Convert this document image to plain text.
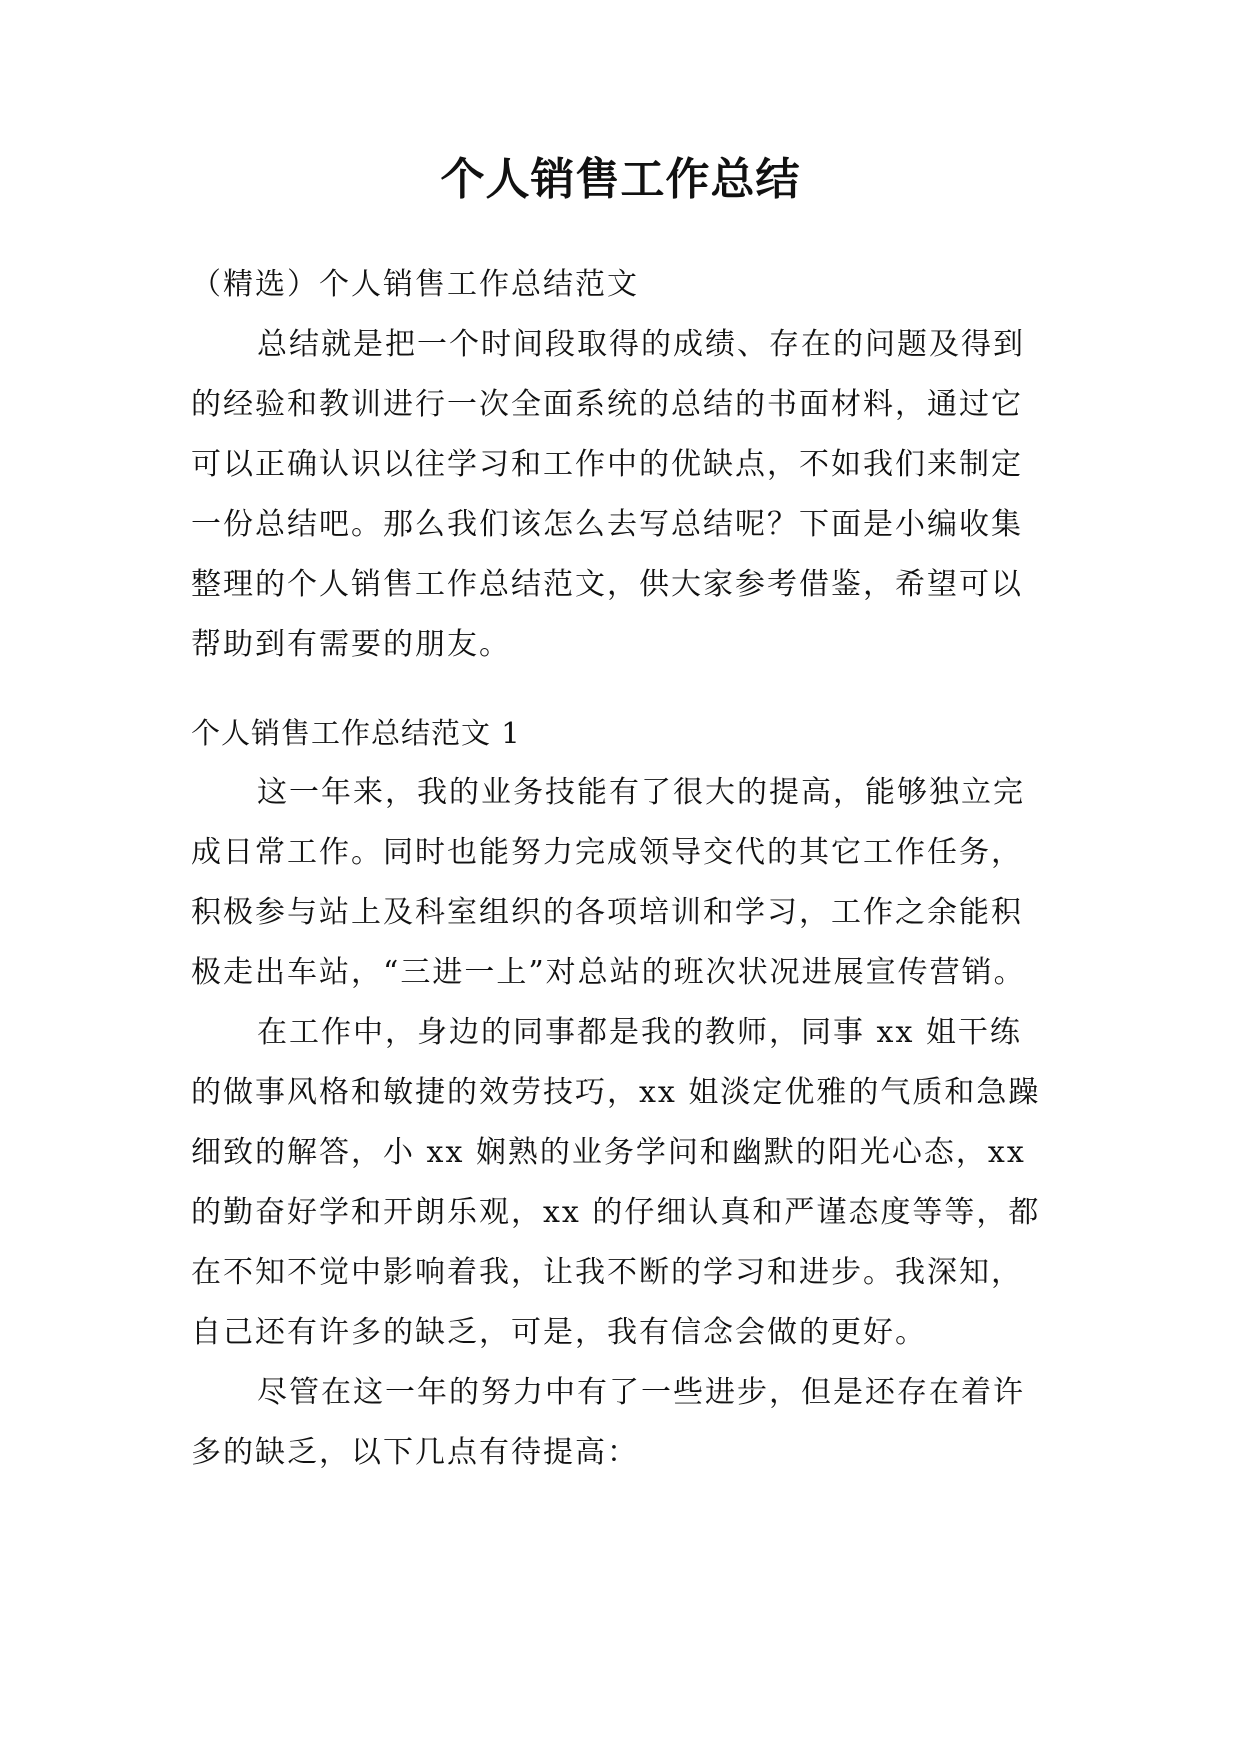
个人销售工作总结
（精选）个人销售工作总结范文
总结就是把一个时间段取得的成绩、存在的问题及得到
的经验和教训进行一次全面系统的总结的书面材料，通过它
可以正确认识以往学习和工作中的优缺点，不如我们来制定
一份总结吧。那么我们该怎么去写总结呢？下面是小编收集
整理的个人销售工作总结范文，供大家参考借鉴，希望可以
帮助到有需要的朋友。
个人销售工作总结范文 1
这一年来，我的业务技能有了很大的提高，能够独立完
成日常工作。同时也能努力完成领导交代的其它工作任务，
积极参与站上及科室组织的各项培训和学习，工作之余能积
极走出车站，“三进一上”对总站的班次状况进展宣传营销。
在工作中，身边的同事都是我的教师，同事 xx 姐干练
的做事风格和敏捷的效劳技巧，xx 姐淡定优雅的气质和急躁
细致的解答，小 xx 娴熟的业务学问和幽默的阳光心态，xx
的勤奋好学和开朗乐观，xx 的仔细认真和严谨态度等等，都
在不知不觉中影响着我，让我不断的学习和进步。我深知，
自己还有许多的缺乏，可是，我有信念会做的更好。
尽管在这一年的努力中有了一些进步，但是还存在着许
多的缺乏，以下几点有待提高：
